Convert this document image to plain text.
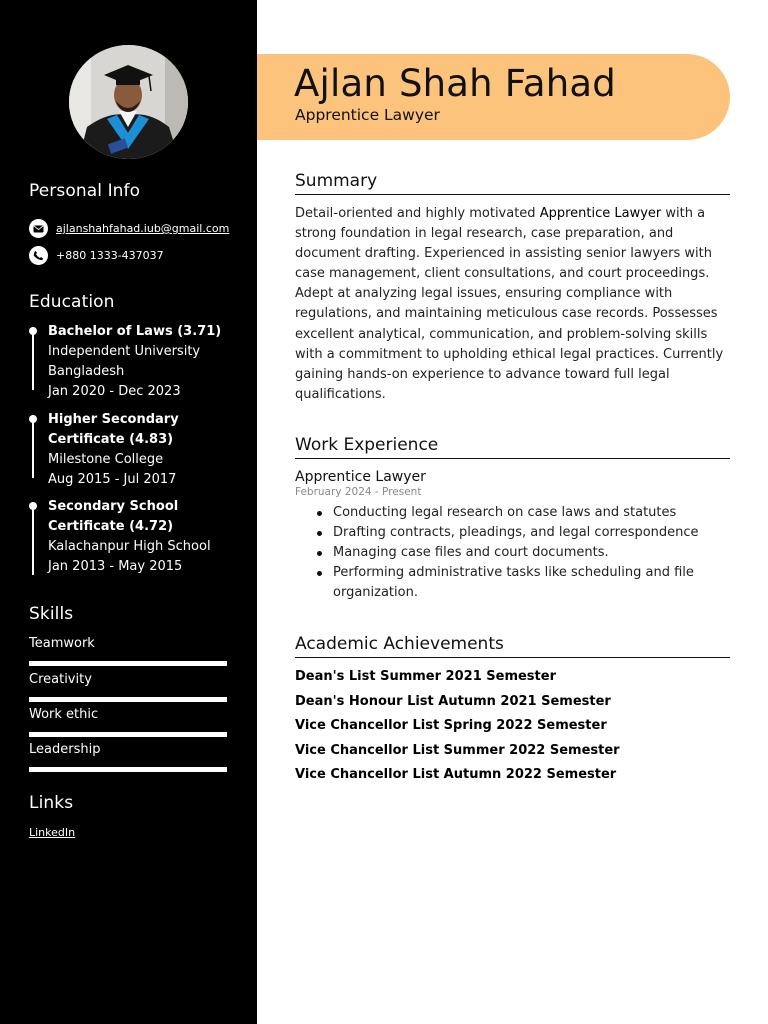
Personal Info
ajlanshahfahad.iub@gmail.com
+880 1333-437037
Education
Bachelor of Laws (3.71)
Independent University
Bangladesh
Jan 2020 - Dec 2023
Higher Secondary
Certificate (4.83)
Milestone College
Aug 2015 - Jul 2017
Secondary School
Certificate (4.72)
Kalachanpur High School
Jan 2013 - May 2015
Skills
Teamwork
Creativity
Work ethic
Leadership
Links
LinkedIn
Ajlan Shah Fahad
Apprentice Lawyer
Summary
Detail-oriented and highly motivated Apprentice Lawyer with a strong foundation in legal research, case preparation, and document drafting. Experienced in assisting senior lawyers with case management, client consultations, and court proceedings. Adept at analyzing legal issues, ensuring compliance with regulations, and maintaining meticulous case records. Possesses excellent analytical, communication, and problem-solving skills with a commitment to upholding ethical legal practices. Currently gaining hands-on experience to advance toward full legal qualifications.
Work Experience
Apprentice Lawyer
February 2024 - Present
Conducting legal research on case laws and statutes
Drafting contracts, pleadings, and legal correspondence
Managing case files and court documents.
Performing administrative tasks like scheduling and file organization.
Academic Achievements
Dean's List Summer 2021 Semester
Dean's Honour List Autumn 2021 Semester
Vice Chancellor List Spring 2022 Semester
Vice Chancellor List Summer 2022 Semester
Vice Chancellor List Autumn 2022 Semester
